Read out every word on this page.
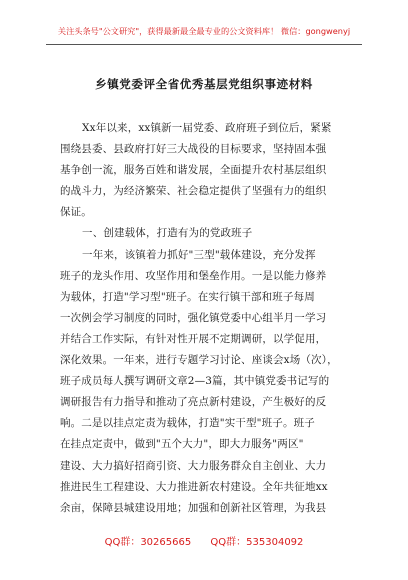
关注头条号"公文研究"，获得最新最全最专业的公文资料库！ 微信：gongwenyj
乡镇党委评全省优秀基层党组织事迹材料
Xx年以来，xx镇新一届党委、政府班子到位后，紧紧
围绕县委、县政府打好三大战役的目标要求，坚持固本强
基争创一流，服务百姓和谐发展，全面提升农村基层组织
的战斗力，为经济繁荣、社会稳定提供了坚强有力的组织
保证。
一、创建载体，打造有为的党政班子
一年来，该镇着力抓好"三型"载体建设，充分发挥
班子的龙头作用、攻坚作用和堡垒作用。一是以能力修养
为载体，打造"学习型"班子。在实行镇干部和班子每周
一次例会学习制度的同时，强化镇党委中心组半月一学习
并结合工作实际，有针对性开展不定期调研，以学促用，
深化效果。一年来，进行专题学习讨论、座谈会x场（次），
班子成员每人撰写调研文章2—3篇，其中镇党委书记写的
调研报告有力指导和推动了亮点新村建设，产生极好的反
响。二是以挂点定责为载体，打造"实干型"班子。班子
在挂点定责中，做到"五个大力"，即大力服务"两区"
建设、大力搞好招商引资、大力服务群众自主创业、大力
推进民生工程建设、大力推进新农村建设。全年共征地xx
余亩，保障县城建设用地；加强和创新社区管理，为我县
QQ群：30265665 QQ群：535304092
